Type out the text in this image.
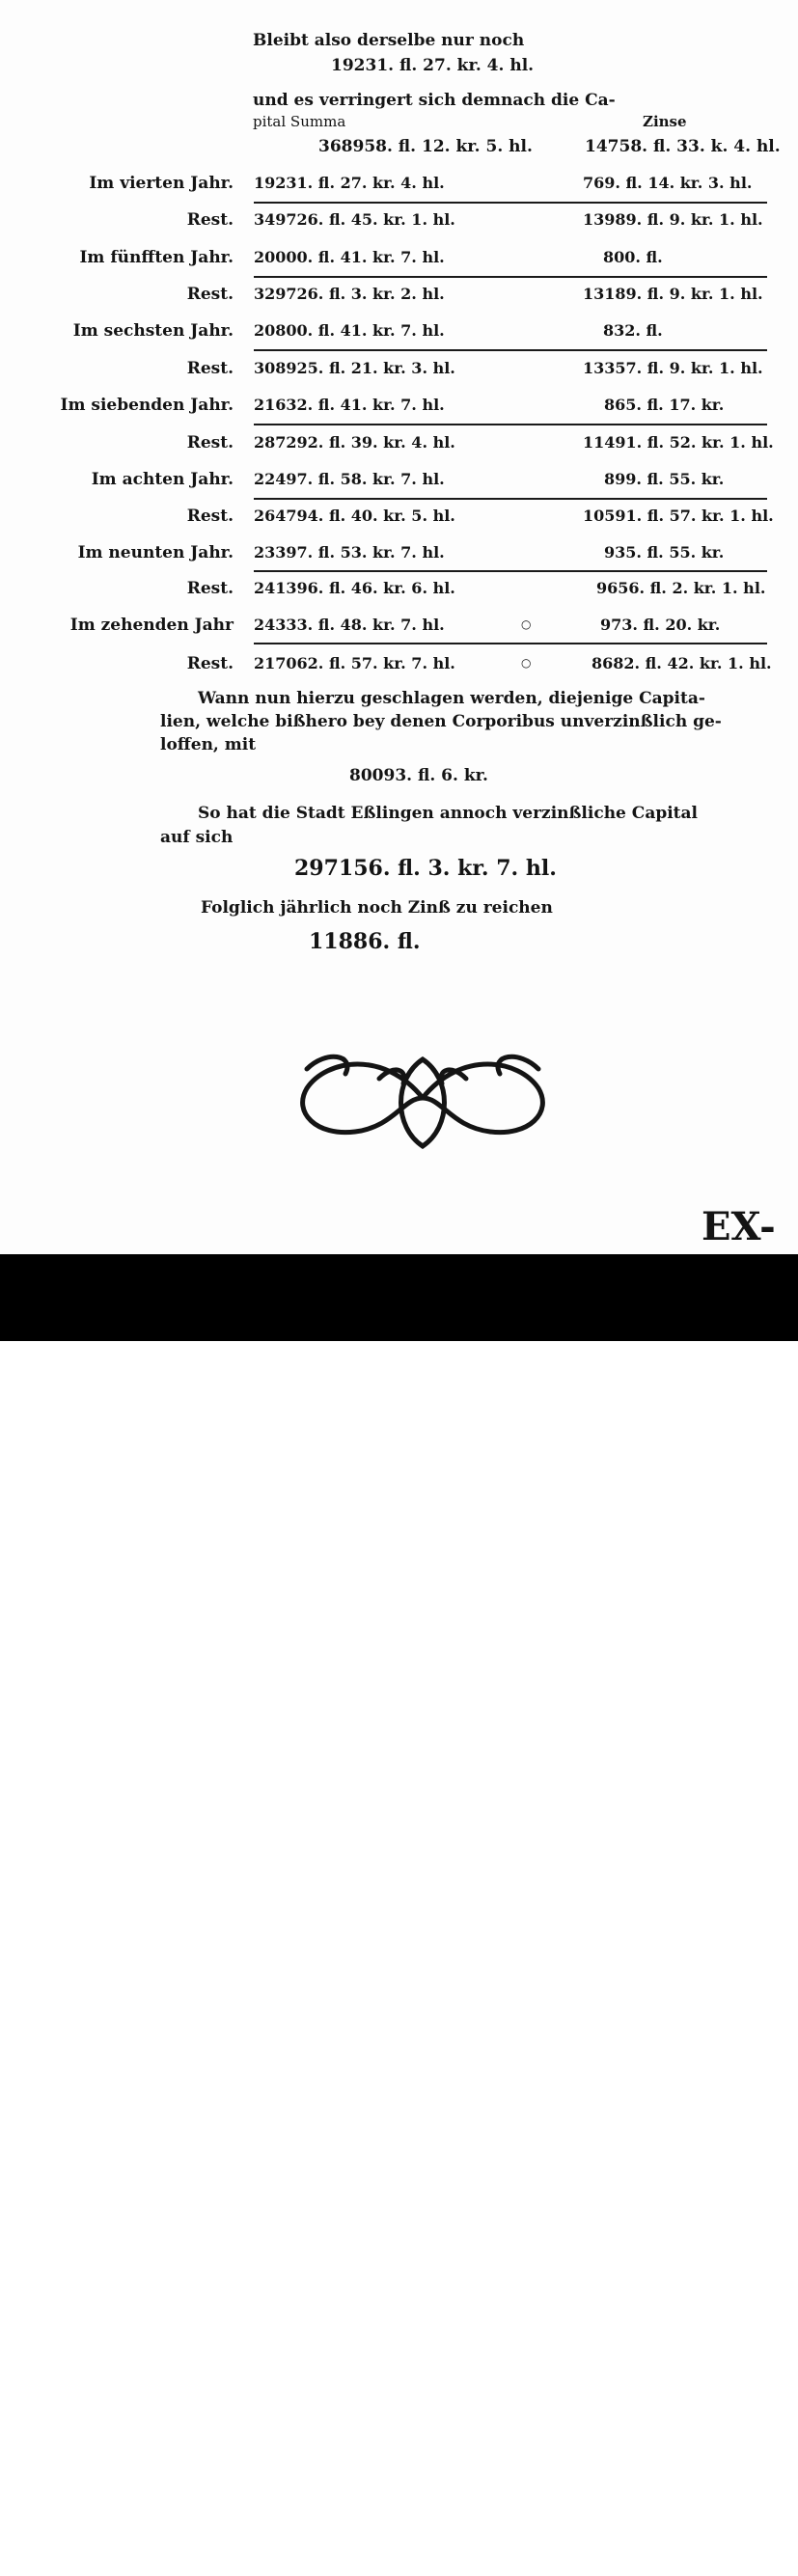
Bleibt also derselbe nur noch
19231. fl. 27. kr. 4. hl.
und es verringert sich demnach die Ca-
pital Summa	Zinse
368958. fl. 12. kr. 5. hl.	14758. fl. 33. k. 4. hl.
Im vierten Jahr. 19231. fl. 27. kr. 4. hl.	769. fl. 14. kr. 3. hl.
Rest. 349726. fl. 45. kr. 1. hl.	13989. fl. 9. kr. 1. hl.
Im fünfften Jahr. 20000. fl. 41. kr. 7. hl.	800. fl.
Rest. 329726. fl. 3. kr. 2. hl.	13189. fl. 9. kr. 1. hl.
Im sechsten Jahr. 20800. fl. 41. kr. 7. hl.	832. fl.
Rest. 308925. fl. 21. kr. 3. hl.	13357. fl. 9. kr. 1. hl.
Im siebenden Jahr. 21632. fl. 41. kr. 7. hl.	865. fl. 17. kr.
Rest. 287292. fl. 39. kr. 4. hl.	11491. fl. 52. kr. 1. hl.
Im achten Jahr. 22497. fl. 58. kr. 7. hl.	899. fl. 55. kr.
Rest. 264794. fl. 40. kr. 5. hl.	10591. fl. 57. kr. 1. hl.
Im neunten Jahr. 23397. fl. 53. kr. 7. hl.	935. fl. 55. kr.
Rest. 241396. fl. 46. kr. 6. hl.	9656. fl. 2. kr. 1. hl.
Im zehenden Jahr 24333. fl. 48. kr. 7. hl.	○	973. fl. 20. kr.
Rest. 217062. fl. 57. kr. 7. hl.	○	8682. fl. 42. kr. 1. hl.
Wann nun hierzu geschlagen werden, diejenige Capita-
lien, welche bißhero bey denen Corporibus unverzinßlich ge-
loffen, mit
80093. fl. 6. kr.
So hat die Stadt Eßlingen annoch verzinßliche Capital
auf sich
297156. fl. 3. kr. 7. hl.
Folglich jährlich noch Zinß zu reichen
11886. fl.
EX-
alamy	2EFNG5E
www.alamy.com
